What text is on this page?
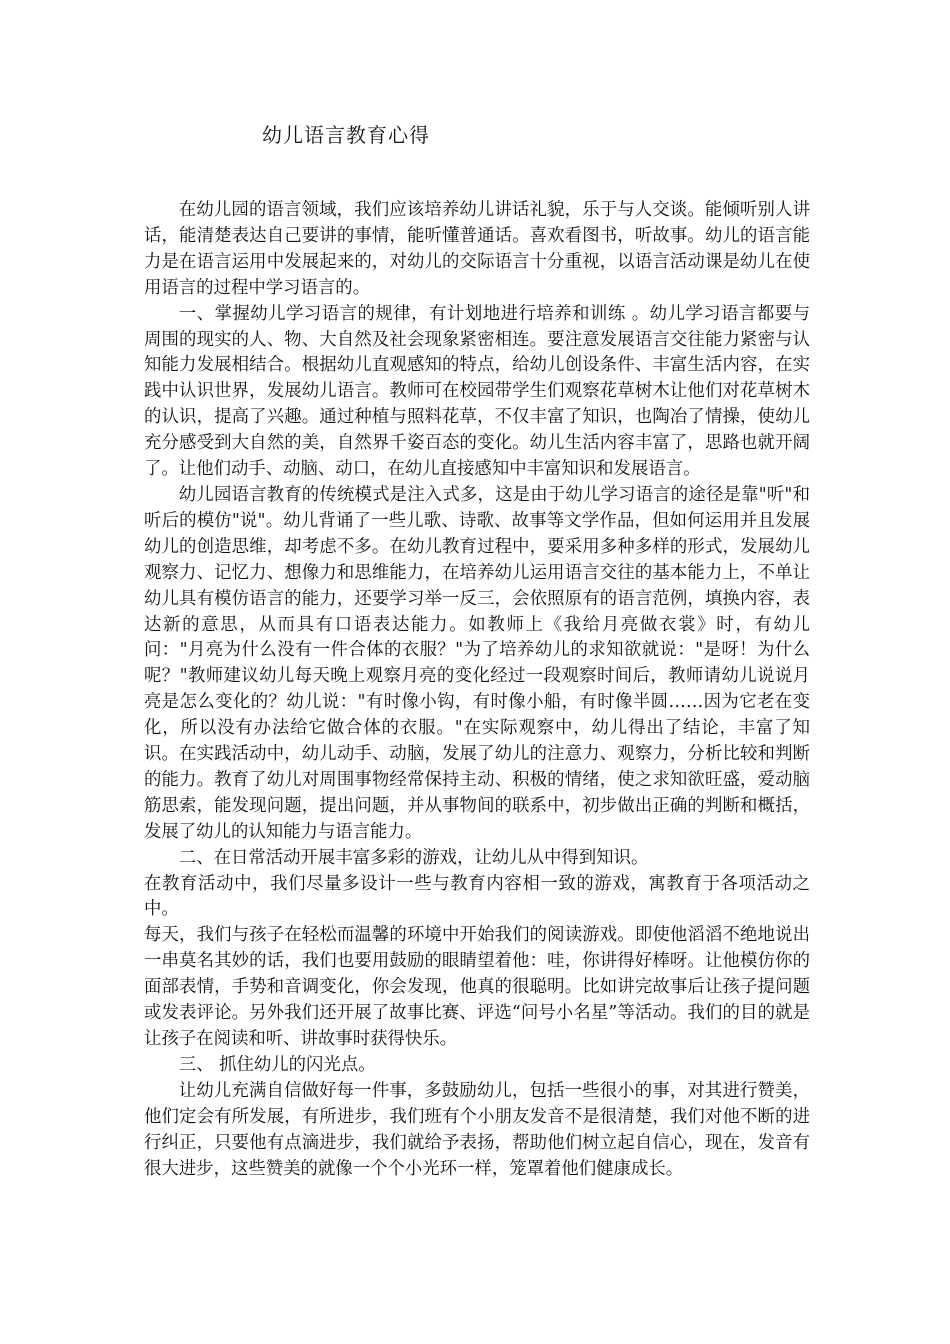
幼儿语言教育心得

在幼儿园的语言领域，我们应该培养幼儿讲话礼貌，乐于与人交谈。能倾听别人讲话，能清楚表达自己要讲的事情，能听懂普通话。喜欢看图书，听故事。幼儿的语言能力是在语言运用中发展起来的，对幼儿的交际语言十分重视，以语言活动课是幼儿在使用语言的过程中学习语言的。

一、掌握幼儿学习语言的规律，有计划地进行培养和训练 。幼儿学习语言都要与周围的现实的人、物、大自然及社会现象紧密相连。要注意发展语言交往能力紧密与认知能力发展相结合。根据幼儿直观感知的特点，给幼儿创设条件、丰富生活内容，在实践中认识世界，发展幼儿语言。教师可在校园带学生们观察花草树木让他们对花草树木的认识，提高了兴趣。通过种植与照料花草，不仅丰富了知识，也陶冶了情操，使幼儿充分感受到大自然的美，自然界千姿百态的变化。幼儿生活内容丰富了，思路也就开阔了。让他们动手、动脑、动口，在幼儿直接感知中丰富知识和发展语言。

幼儿园语言教育的传统模式是注入式多，这是由于幼儿学习语言的途径是靠"听"和听后的模仿"说"。幼儿背诵了一些儿歌、诗歌、故事等文学作品，但如何运用并且发展幼儿的创造思维，却考虑不多。在幼儿教育过程中，要采用多种多样的形式，发展幼儿观察力、记忆力、想像力和思维能力，在培养幼儿运用语言交往的基本能力上，不单让幼儿具有模仿语言的能力，还要学习举一反三，会依照原有的语言范例，填换内容，表达新的意思，从而具有口语表达能力。如教师上《我给月亮做衣裳》时，有幼儿问："月亮为什么没有一件合体的衣服？"为了培养幼儿的求知欲就说："是呀！为什么呢？"教师建议幼儿每天晚上观察月亮的变化经过一段观察时间后，教师请幼儿说说月亮是怎么变化的？幼儿说："有时像小钩，有时像小船，有时像半圆……因为它老在变化，所以没有办法给它做合体的衣服。"在实际观察中，幼儿得出了结论，丰富了知识。在实践活动中，幼儿动手、动脑，发展了幼儿的注意力、观察力，分析比较和判断的能力。教育了幼儿对周围事物经常保持主动、积极的情绪，使之求知欲旺盛，爱动脑筋思索，能发现问题，提出问题，并从事物间的联系中，初步做出正确的判断和概括，发展了幼儿的认知能力与语言能力。

二、在日常活动开展丰富多彩的游戏，让幼儿从中得到知识。

在教育活动中，我们尽量多设计一些与教育内容相一致的游戏，寓教育于各项活动之中。

每天，我们与孩子在轻松而温馨的环境中开始我们的阅读游戏。即使他滔滔不绝地说出一串莫名其妙的话，我们也要用鼓励的眼睛望着他：哇，你讲得好棒呀。让他模仿你的面部表情，手势和音调变化，你会发现，他真的很聪明。比如讲完故事后让孩子提问题或发表评论。另外我们还开展了故事比赛、评选“问号小名星”等活动。我们的目的就是让孩子在阅读和听、讲故事时获得快乐。

三、 抓住幼儿的闪光点。

让幼儿充满自信做好每一件事，多鼓励幼儿，包括一些很小的事，对其进行赞美，他们定会有所发展，有所进步，我们班有个小朋友发音不是很清楚，我们对他不断的进行纠正，只要他有点滴进步，我们就给予表扬，帮助他们树立起自信心，现在，发音有很大进步，这些赞美的就像一个个小光环一样，笼罩着他们健康成长。
